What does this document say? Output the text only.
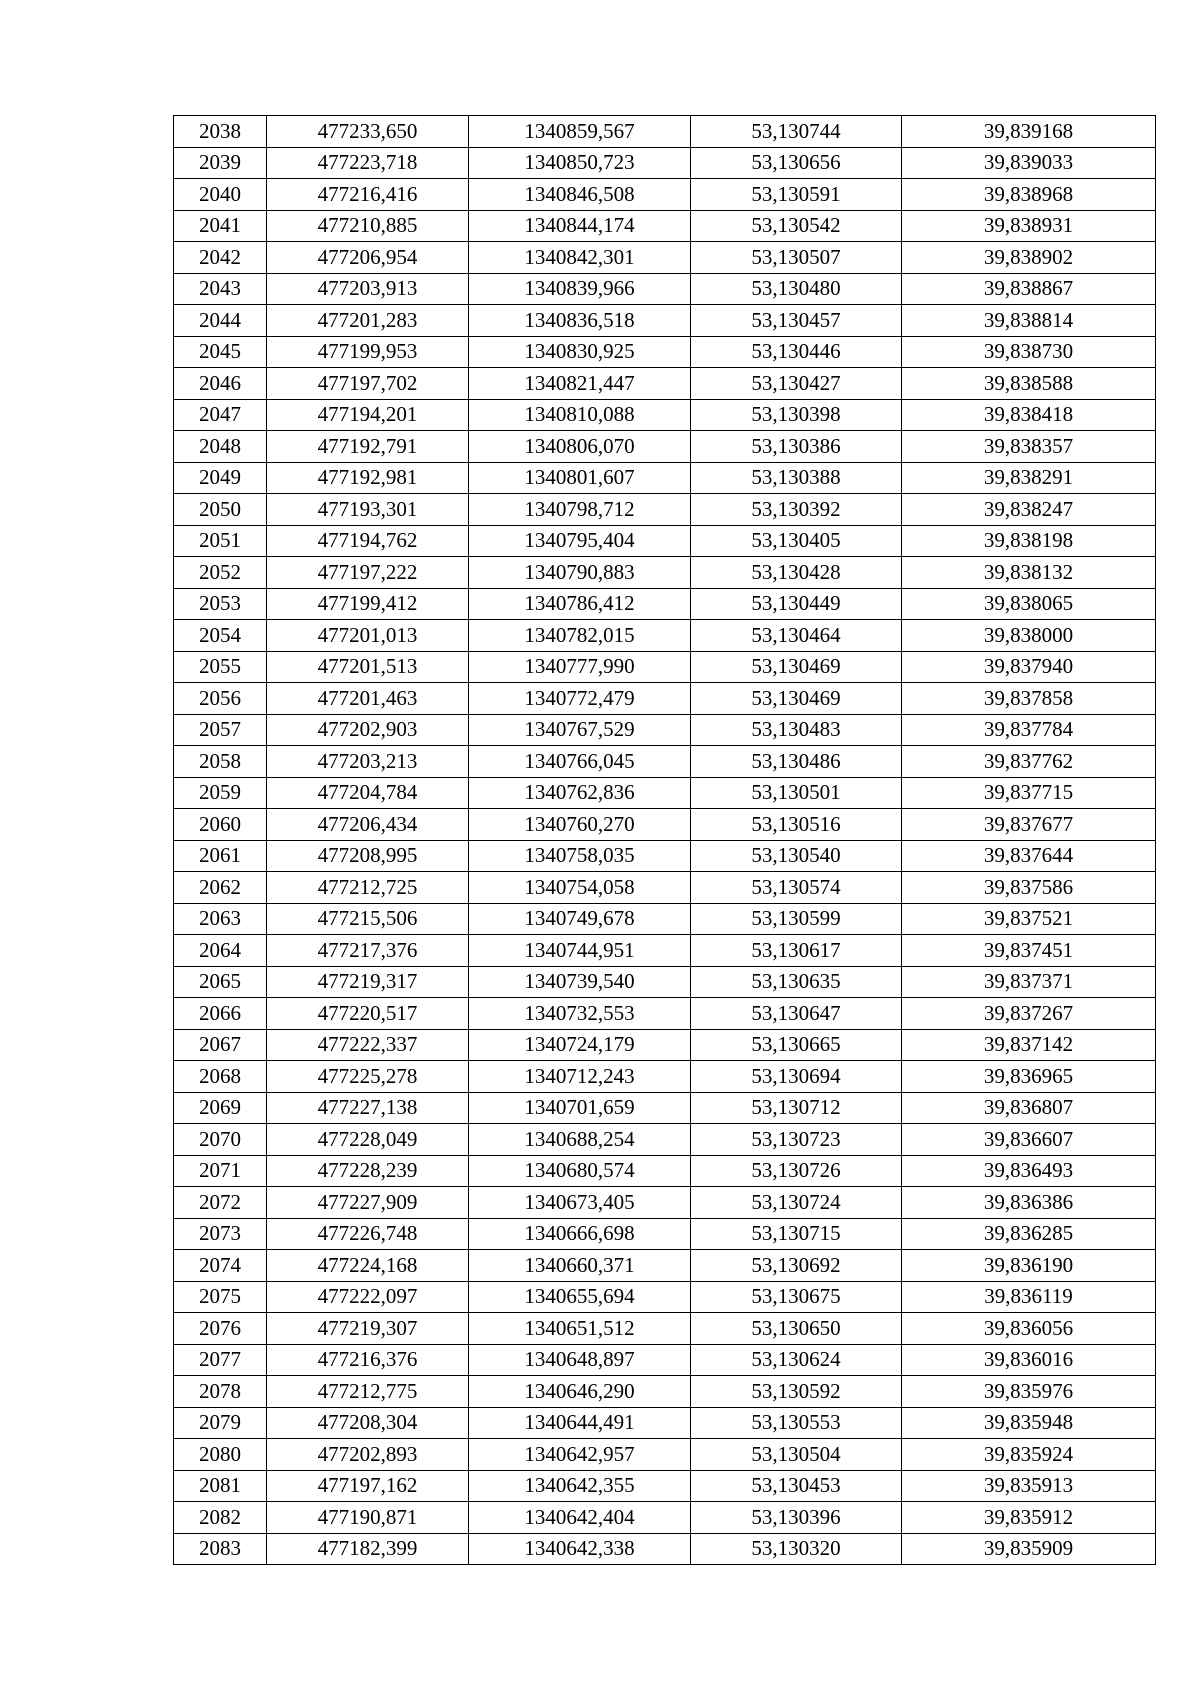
2038	477233,650	1340859,567	53,130744	39,839168
2039	477223,718	1340850,723	53,130656	39,839033
2040	477216,416	1340846,508	53,130591	39,838968
2041	477210,885	1340844,174	53,130542	39,838931
2042	477206,954	1340842,301	53,130507	39,838902
2043	477203,913	1340839,966	53,130480	39,838867
2044	477201,283	1340836,518	53,130457	39,838814
2045	477199,953	1340830,925	53,130446	39,838730
2046	477197,702	1340821,447	53,130427	39,838588
2047	477194,201	1340810,088	53,130398	39,838418
2048	477192,791	1340806,070	53,130386	39,838357
2049	477192,981	1340801,607	53,130388	39,838291
2050	477193,301	1340798,712	53,130392	39,838247
2051	477194,762	1340795,404	53,130405	39,838198
2052	477197,222	1340790,883	53,130428	39,838132
2053	477199,412	1340786,412	53,130449	39,838065
2054	477201,013	1340782,015	53,130464	39,838000
2055	477201,513	1340777,990	53,130469	39,837940
2056	477201,463	1340772,479	53,130469	39,837858
2057	477202,903	1340767,529	53,130483	39,837784
2058	477203,213	1340766,045	53,130486	39,837762
2059	477204,784	1340762,836	53,130501	39,837715
2060	477206,434	1340760,270	53,130516	39,837677
2061	477208,995	1340758,035	53,130540	39,837644
2062	477212,725	1340754,058	53,130574	39,837586
2063	477215,506	1340749,678	53,130599	39,837521
2064	477217,376	1340744,951	53,130617	39,837451
2065	477219,317	1340739,540	53,130635	39,837371
2066	477220,517	1340732,553	53,130647	39,837267
2067	477222,337	1340724,179	53,130665	39,837142
2068	477225,278	1340712,243	53,130694	39,836965
2069	477227,138	1340701,659	53,130712	39,836807
2070	477228,049	1340688,254	53,130723	39,836607
2071	477228,239	1340680,574	53,130726	39,836493
2072	477227,909	1340673,405	53,130724	39,836386
2073	477226,748	1340666,698	53,130715	39,836285
2074	477224,168	1340660,371	53,130692	39,836190
2075	477222,097	1340655,694	53,130675	39,836119
2076	477219,307	1340651,512	53,130650	39,836056
2077	477216,376	1340648,897	53,130624	39,836016
2078	477212,775	1340646,290	53,130592	39,835976
2079	477208,304	1340644,491	53,130553	39,835948
2080	477202,893	1340642,957	53,130504	39,835924
2081	477197,162	1340642,355	53,130453	39,835913
2082	477190,871	1340642,404	53,130396	39,835912
2083	477182,399	1340642,338	53,130320	39,835909
